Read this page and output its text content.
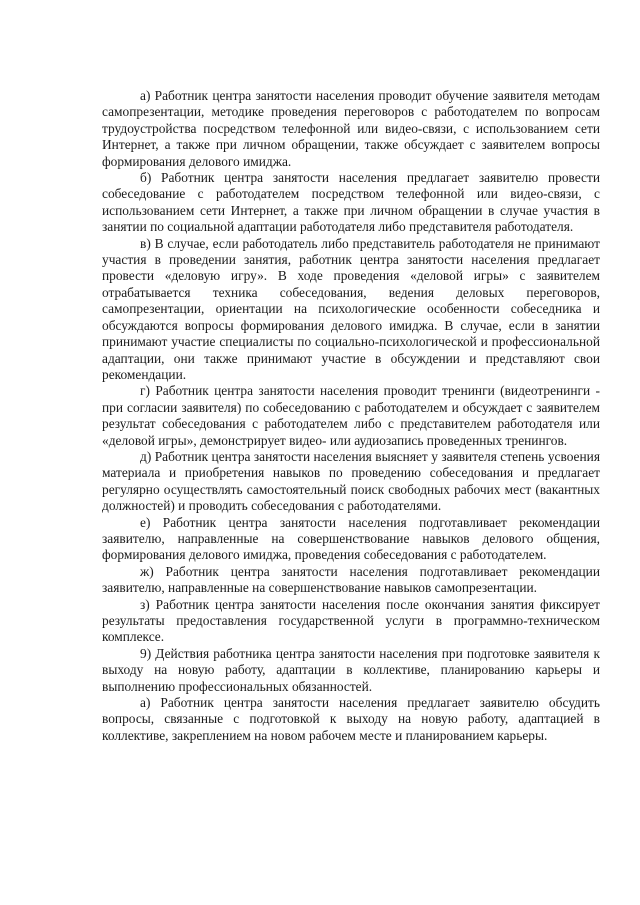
а) Работник центра занятости населения проводит обучение заявителя методам самопрезентации, методике проведения переговоров с работодателем по вопросам трудоустройства посредством телефонной или видео-связи, с использованием сети Интернет, а также при личном обращении, также обсуждает с заявителем вопросы формирования делового имиджа.

б) Работник центра занятости населения предлагает заявителю провести собеседование с работодателем посредством телефонной или видео-связи, с использованием сети Интернет, а также при личном обращении в случае участия в занятии по социальной адаптации работодателя либо представителя работодателя.

в) В случае, если работодатель либо представитель работодателя не принимают участия в проведении занятия, работник центра занятости населения предлагает провести «деловую игру». В ходе проведения «деловой игры» с заявителем отрабатывается техника собеседования, ведения деловых переговоров, самопрезентации, ориентации на психологические особенности собеседника и обсуждаются вопросы формирования делового имиджа. В случае, если в занятии принимают участие специалисты по социально-психологической и профессиональной адаптации, они также принимают участие в обсуждении и представляют свои рекомендации.

г) Работник центра занятости населения проводит тренинги (видеотренинги - при согласии заявителя) по собеседованию с работодателем и обсуждает с заявителем результат собеседования с работодателем либо с представителем работодателя или «деловой игры», демонстрирует видео- или аудиозапись проведенных тренингов.

д) Работник центра занятости населения выясняет у заявителя степень усвоения материала и приобретения навыков по проведению собеседования и предлагает регулярно осуществлять самостоятельный поиск свободных рабочих мест (вакантных должностей) и проводить собеседования с работодателями.

е) Работник центра занятости населения подготавливает рекомендации заявителю, направленные на совершенствование навыков делового общения, формирования делового имиджа, проведения собеседования с работодателем.

ж) Работник центра занятости населения подготавливает рекомендации заявителю, направленные на совершенствование навыков самопрезентации.

з) Работник центра занятости населения после окончания занятия фиксирует результаты предоставления государственной услуги в программно-техническом комплексе.

9) Действия работника центра занятости населения при подготовке заявителя к выходу на новую работу, адаптации в коллективе, планированию карьеры и выполнению профессиональных обязанностей.

а) Работник центра занятости населения предлагает заявителю обсудить вопросы, связанные с подготовкой к выходу на новую работу, адаптацией в коллективе, закреплением на новом рабочем месте и планированием карьеры.
